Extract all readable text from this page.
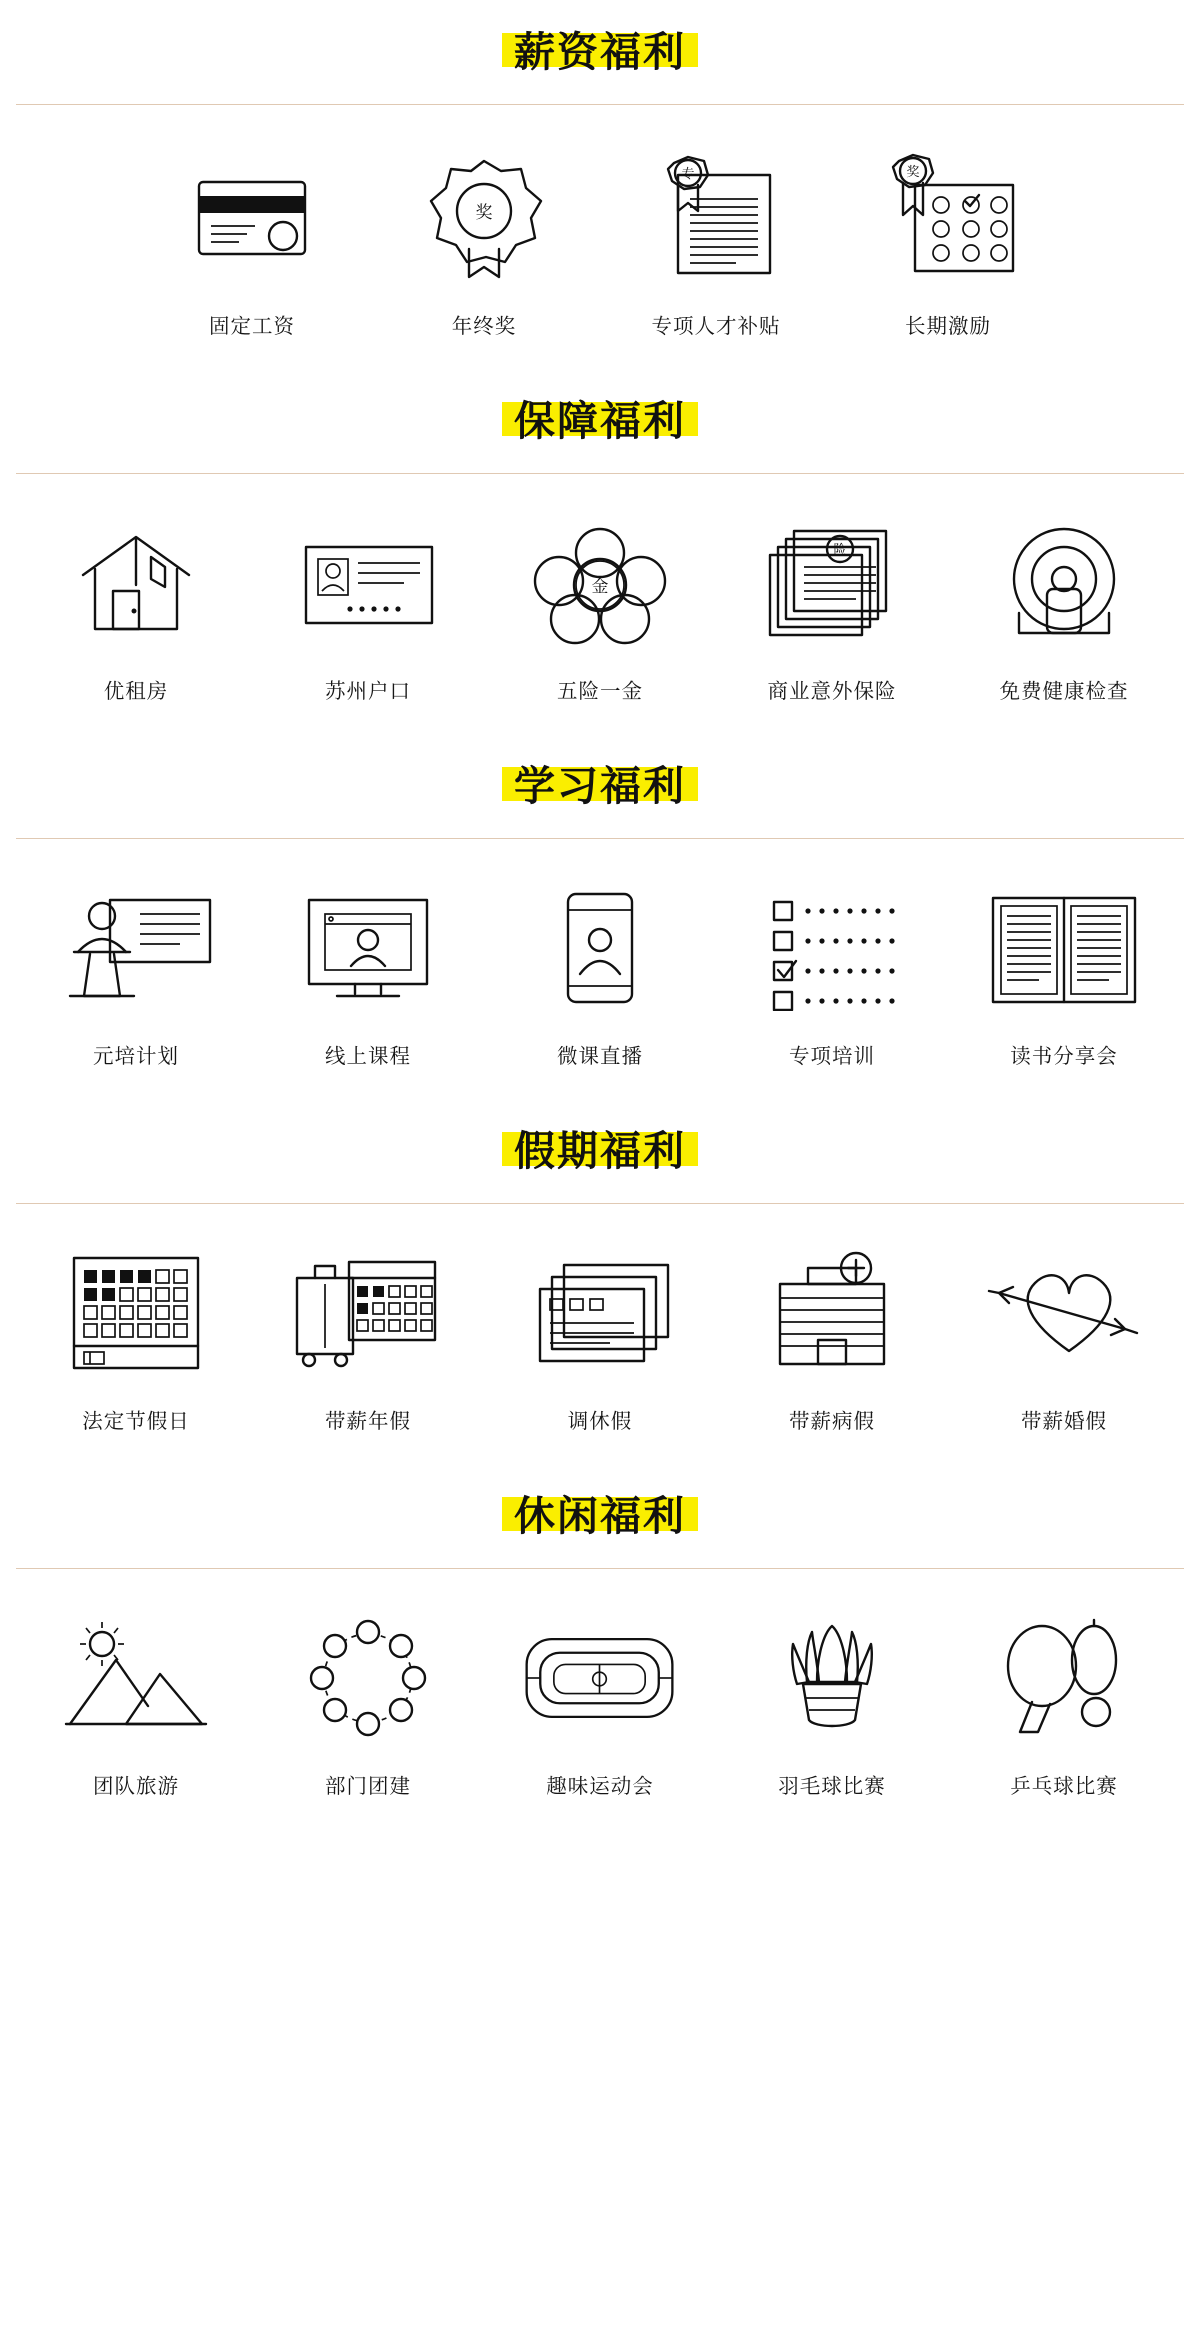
薪资福利
固定工资
奖
年终奖
专
专项人才补贴
奖
长期激励
保障福利
优租房	苏州户口
金
五险一金
险
商业意外保险	免费健康检查
学习福利
元培计划	线上课程	微课直播	专项培训	读书分享会
假期福利
法定节假日	带薪年假	调休假	带薪病假	带薪婚假
休闲福利
团队旅游	部门团建	趣味运动会	羽毛球比赛	乒乓球比赛
